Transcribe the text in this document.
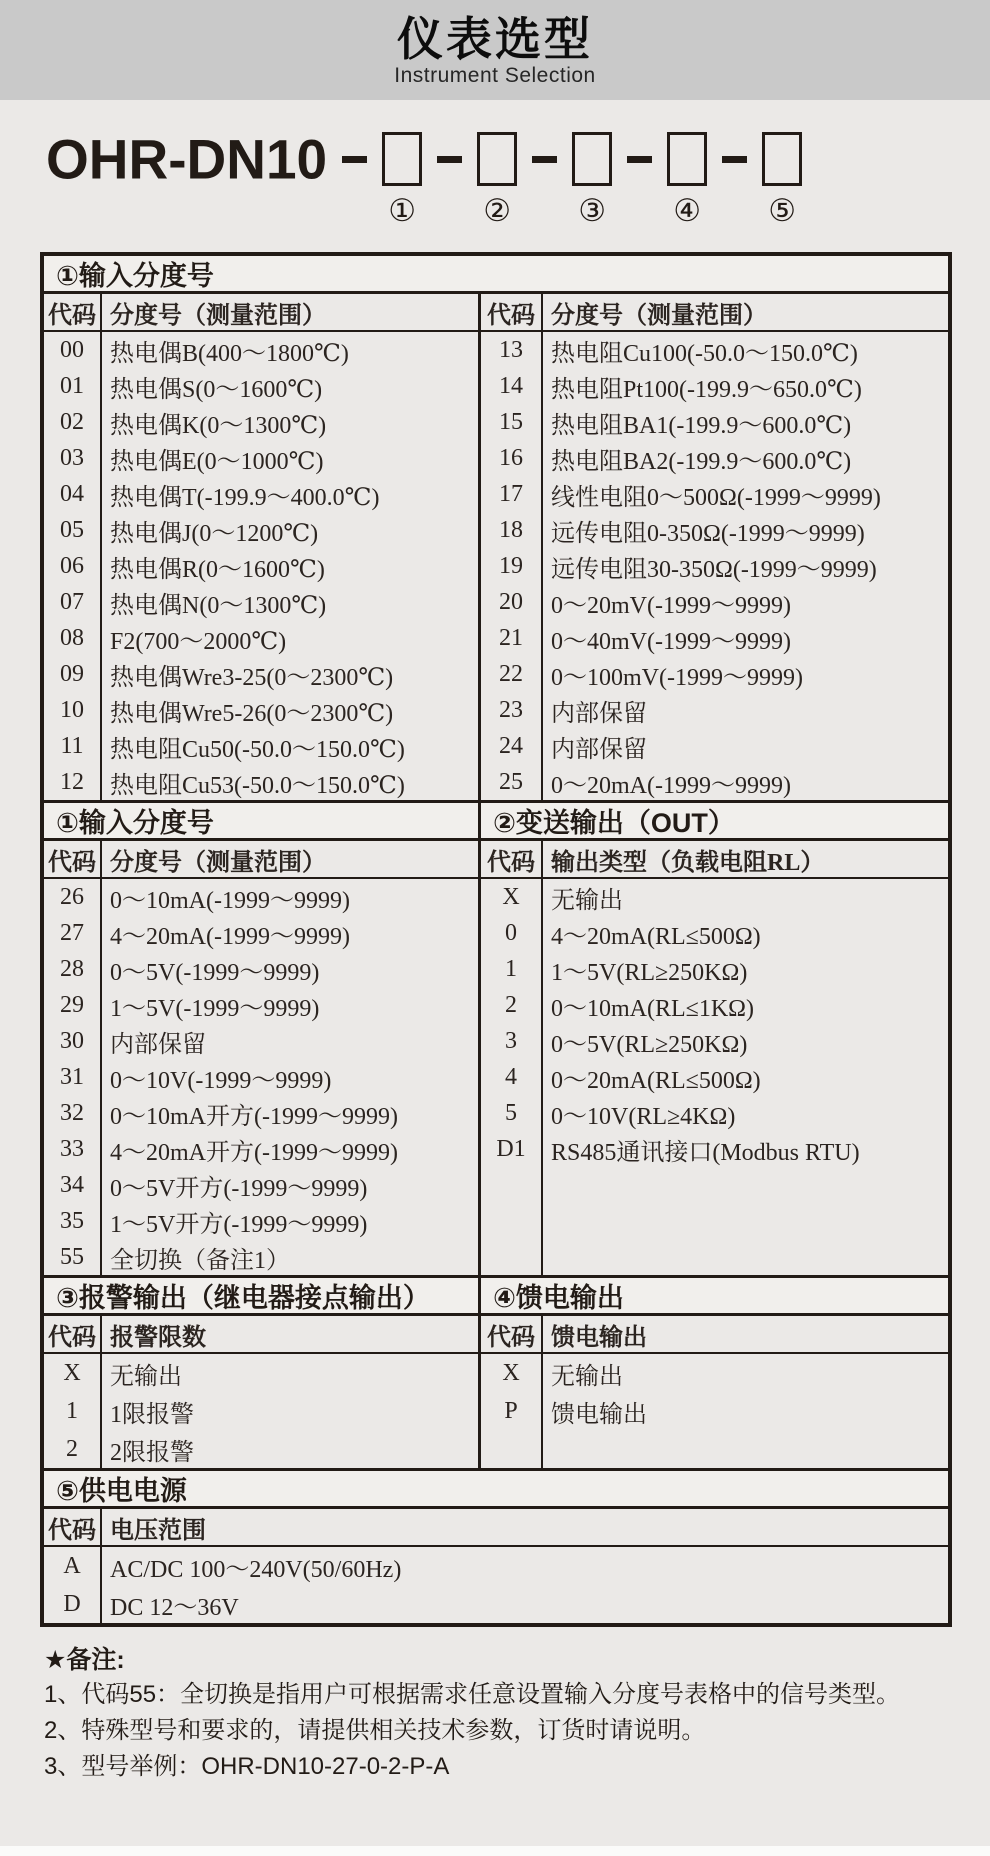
仪表选型
Instrument Selection
OHR-DN10
① ② ③ ④ ⑤
①输入分度号
代码 分度号（测量范围）
00	热电偶B(400～1800℃)
01	热电偶S(0～1600℃)
02	热电偶K(0～1300℃)
03	热电偶E(0～1000℃)
04	热电偶T(-199.9～400.0℃)
05	热电偶J(0～1200℃)
06	热电偶R(0～1600℃)
07	热电偶N(0～1300℃)
08	F2(700～2000℃)
09	热电偶Wre3-25(0～2300℃)
10	热电偶Wre5-26(0～2300℃)
11	热电阻Cu50(-50.0～150.0℃)
12	热电阻Cu53(-50.0～150.0℃)
代码 分度号（测量范围）
13	热电阻Cu100(-50.0～150.0℃)
14	热电阻Pt100(-199.9～650.0℃)
15	热电阻BA1(-199.9～600.0℃)
16	热电阻BA2(-199.9～600.0℃)
17	线性电阻0～500Ω(-1999～9999)
18	远传电阻0-350Ω(-1999～9999)
19	远传电阻30-350Ω(-1999～9999)
20	0～20mV(-1999～9999)
21	0～40mV(-1999～9999)
22	0～100mV(-1999～9999)
23	内部保留
24	内部保留
25	0～20mA(-1999～9999)
①输入分度号
代码 分度号（测量范围）
26	0～10mA(-1999～9999)
27	4～20mA(-1999～9999)
28	0～5V(-1999～9999)
29	1～5V(-1999～9999)
30	内部保留
31	0～10V(-1999～9999)
32	0～10mA开方(-1999～9999)
33	4～20mA开方(-1999～9999)
34	0～5V开方(-1999～9999)
35	1～5V开方(-1999～9999)
55	全切换（备注1）
②变送输出（OUT）
代码 输出类型（负载电阻RL）
X	无输出
0	4～20mA(RL≤500Ω)
1	1～5V(RL≥250KΩ)
2	0～10mA(RL≤1KΩ)
3	0～5V(RL≥250KΩ)
4	0～20mA(RL≤500Ω)
5	0～10V(RL≥4KΩ)
D1	RS485通讯接口(Modbus RTU)
③报警输出（继电器接点输出）
代码 报警限数
X	无输出
1	1限报警
2	2限报警
④馈电输出
代码 馈电输出
X	无输出
P	馈电输出
⑤供电电源
代码 电压范围
A	AC/DC 100～240V(50/60Hz)
D	DC 12～36V
★备注:
1、代码55：全切换是指用户可根据需求任意设置输入分度号表格中的信号类型。
2、特殊型号和要求的，请提供相关技术参数，订货时请说明。
3、型号举例：OHR-DN10-27-0-2-P-A
